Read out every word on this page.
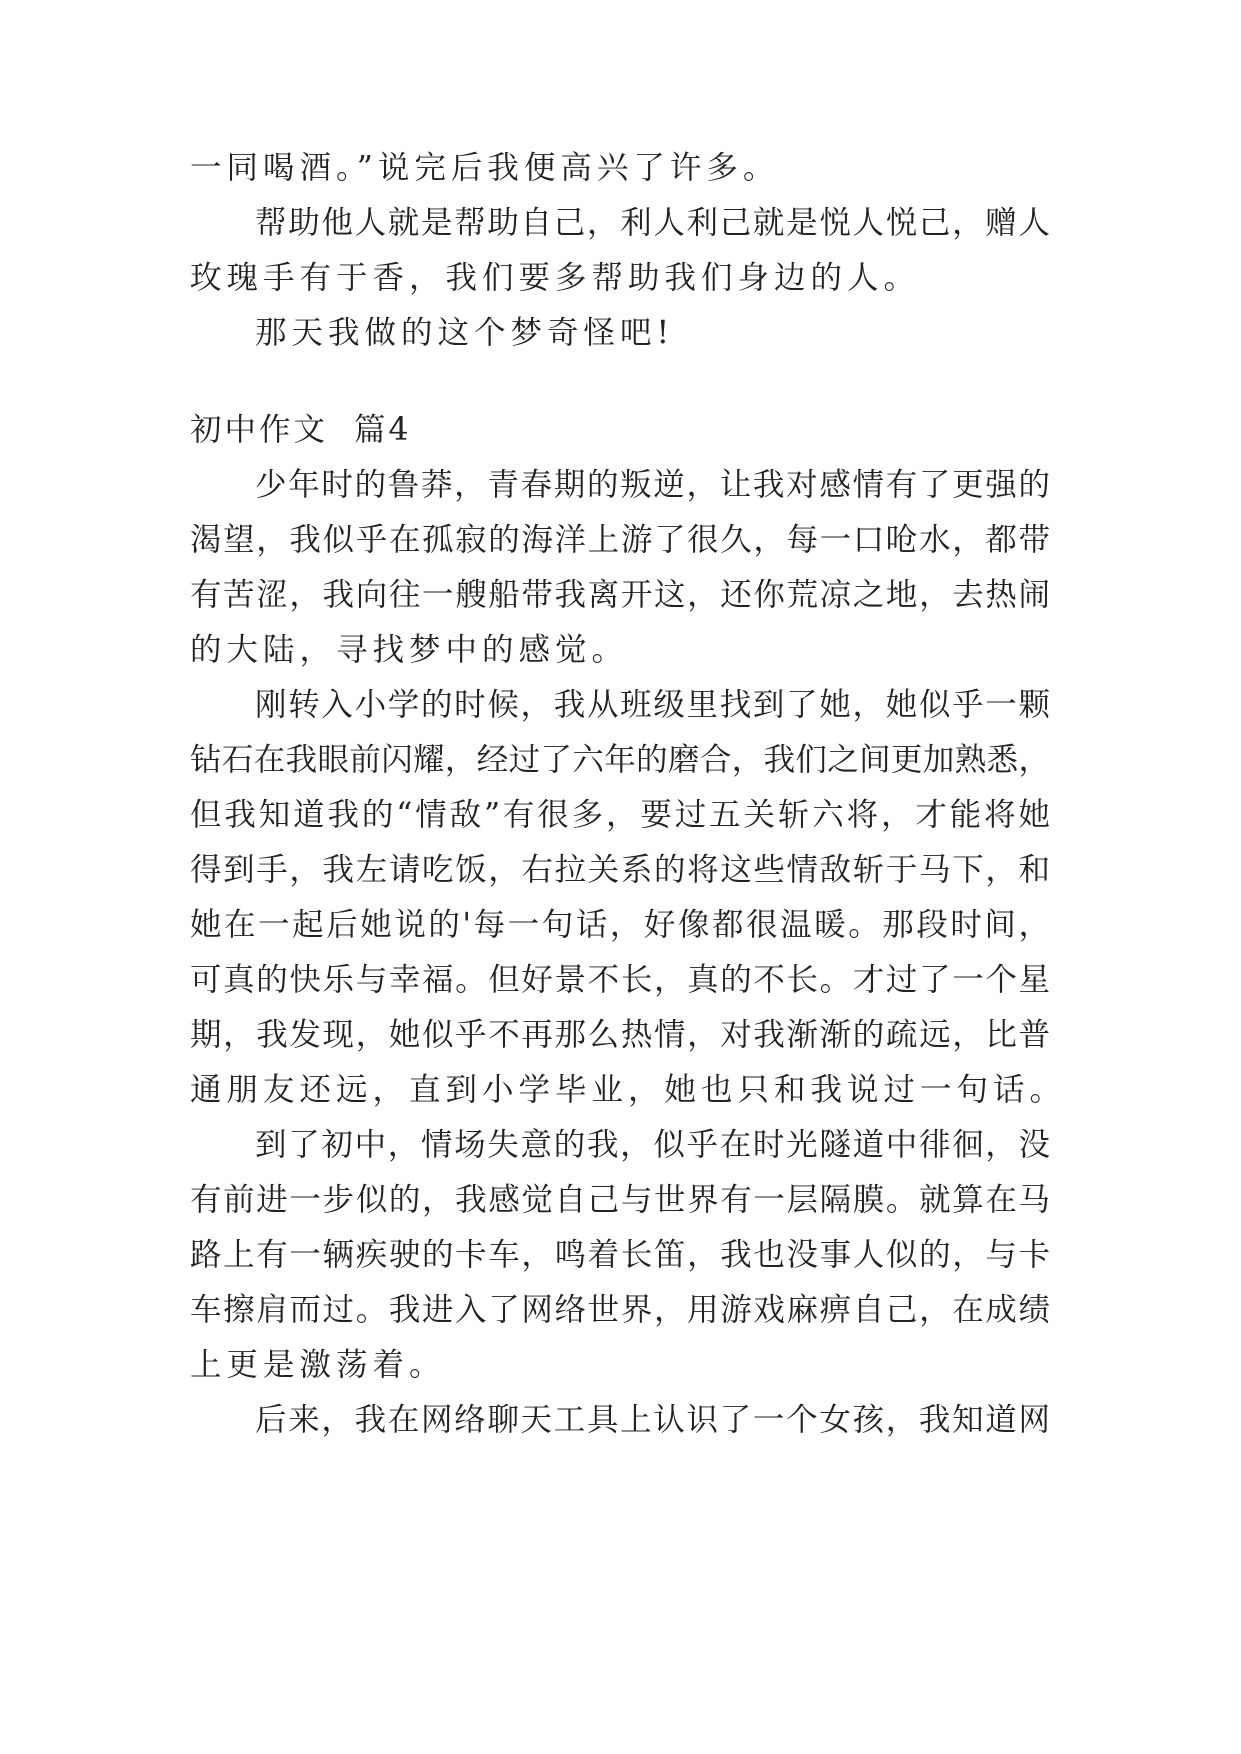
一同喝酒。”说完后我便高兴了许多。
帮助他人就是帮助自己，利人利己就是悦人悦己，赠人
玫瑰手有于香，我们要多帮助我们身边的人。
那天我做的这个梦奇怪吧!
初中作文  篇4
少年时的鲁莽，青春期的叛逆，让我对感情有了更强的
渴望，我似乎在孤寂的海洋上游了很久，每一口呛水，都带
有苦涩，我向往一艘船带我离开这，还你荒凉之地，去热闹
的大陆，寻找梦中的感觉。
刚转入小学的时候，我从班级里找到了她，她似乎一颗
钻石在我眼前闪耀，经过了六年的磨合，我们之间更加熟悉，
但我知道我的“情敌”有很多，要过五关斩六将，才能将她
得到手，我左请吃饭，右拉关系的将这些情敌斩于马下，和
她在一起后她说的'每一句话，好像都很温暖。那段时间，
可真的快乐与幸福。但好景不长，真的不长。才过了一个星
期，我发现，她似乎不再那么热情，对我渐渐的疏远，比普
通朋友还远，直到小学毕业，她也只和我说过一句话。
到了初中，情场失意的我，似乎在时光隧道中徘徊，没
有前进一步似的，我感觉自己与世界有一层隔膜。就算在马
路上有一辆疾驶的卡车，鸣着长笛，我也没事人似的，与卡
车擦肩而过。我进入了网络世界，用游戏麻痹自己，在成绩
上更是激荡着。
后来，我在网络聊天工具上认识了一个女孩，我知道网
